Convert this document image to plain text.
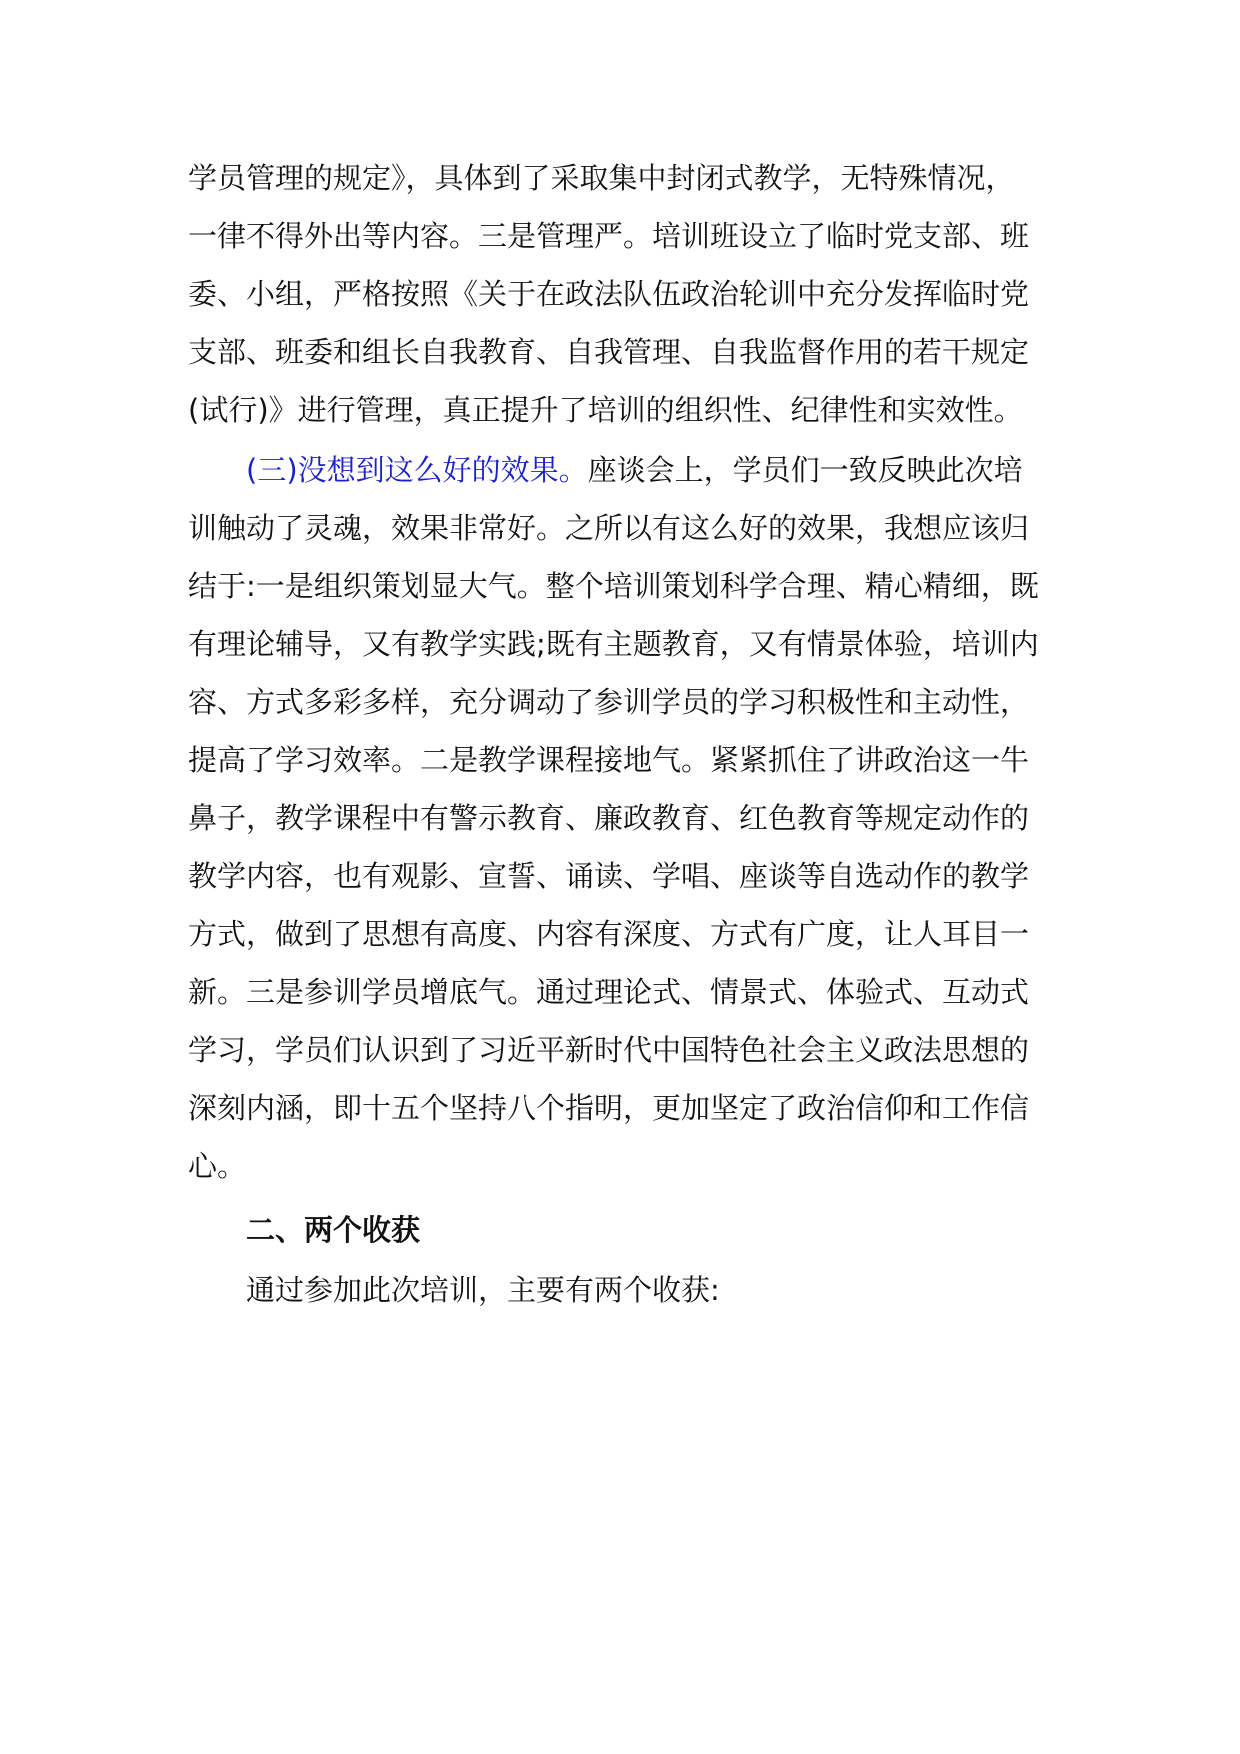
学员管理的规定》，具体到了采取集中封闭式教学，无特殊情况，
一律不得外出等内容。三是管理严。培训班设立了临时党支部、班
委、小组，严格按照《关于在政法队伍政治轮训中充分发挥临时党
支部、班委和组长自我教育、自我管理、自我监督作用的若干规定
(试行)》进行管理，真正提升了培训的组织性、纪律性和实效性。
(三)没想到这么好的效果。座谈会上，学员们一致反映此次培
训触动了灵魂，效果非常好。之所以有这么好的效果，我想应该归
结于:一是组织策划显大气。整个培训策划科学合理、精心精细，既
有理论辅导，又有教学实践;既有主题教育，又有情景体验，培训内
容、方式多彩多样，充分调动了参训学员的学习积极性和主动性，
提高了学习效率。二是教学课程接地气。紧紧抓住了讲政治这一牛
鼻子，教学课程中有警示教育、廉政教育、红色教育等规定动作的
教学内容，也有观影、宣誓、诵读、学唱、座谈等自选动作的教学
方式，做到了思想有高度、内容有深度、方式有广度，让人耳目一
新。三是参训学员增底气。通过理论式、情景式、体验式、互动式
学习，学员们认识到了习近平新时代中国特色社会主义政法思想的
深刻内涵，即十五个坚持八个指明，更加坚定了政治信仰和工作信
心。
二、两个收获
通过参加此次培训，主要有两个收获:
